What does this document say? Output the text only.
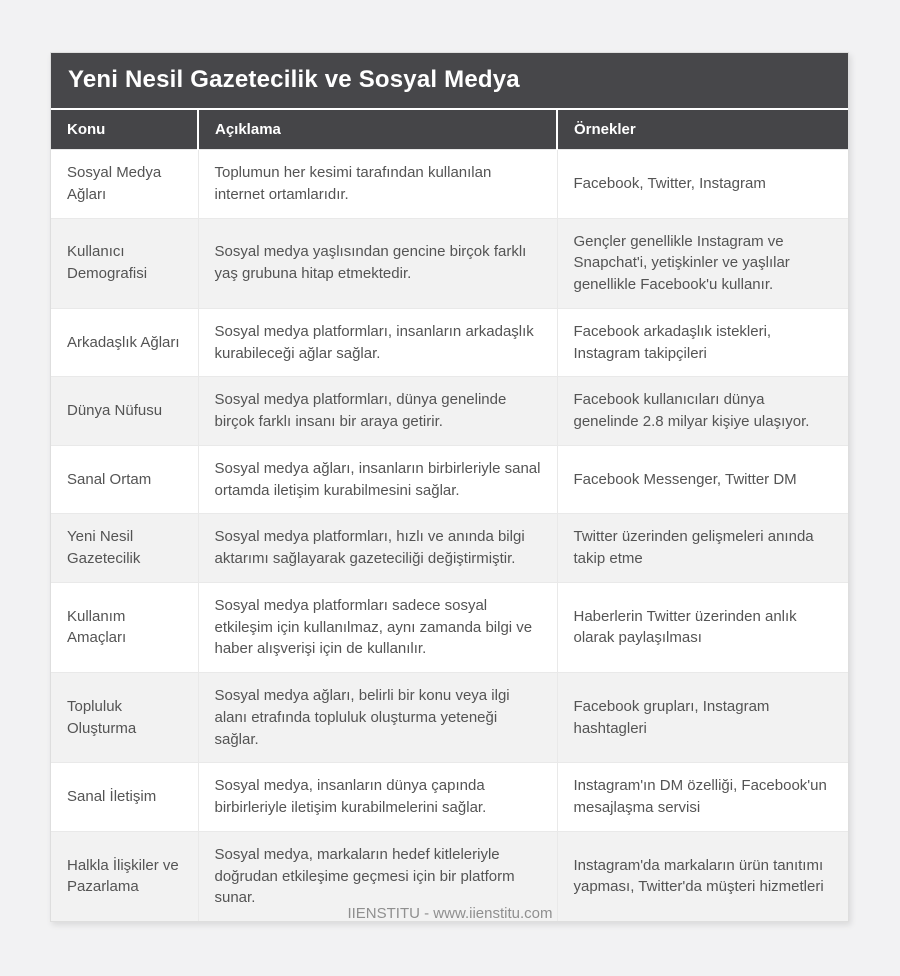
Yeni Nesil Gazetecilik ve Sosyal Medya
Konu	Açıklama	Örnekler
Sosyal Medya Ağları	Toplumun her kesimi tarafından kullanılan internet ortamlarıdır.	Facebook, Twitter, Instagram
Kullanıcı Demografisi	Sosyal medya yaşlısından gencine birçok farklı yaş grubuna hitap etmektedir.	Gençler genellikle Instagram ve Snapchat'i, yetişkinler ve yaşlılar genellikle Facebook'u kullanır.
Arkadaşlık Ağları	Sosyal medya platformları, insanların arkadaşlık kurabileceği ağlar sağlar.	Facebook arkadaşlık istekleri, Instagram takipçileri
Dünya Nüfusu	Sosyal medya platformları, dünya genelinde birçok farklı insanı bir araya getirir.	Facebook kullanıcıları dünya genelinde 2.8 milyar kişiye ulaşıyor.
Sanal Ortam	Sosyal medya ağları, insanların birbirleriyle sanal ortamda iletişim kurabilmesini sağlar.	Facebook Messenger, Twitter DM
Yeni Nesil Gazetecilik	Sosyal medya platformları, hızlı ve anında bilgi aktarımı sağlayarak gazeteciliği değiştirmiştir.	Twitter üzerinden gelişmeleri anında takip etme
Kullanım Amaçları	Sosyal medya platformları sadece sosyal etkileşim için kullanılmaz, aynı zamanda bilgi ve haber alışverişi için de kullanılır.	Haberlerin Twitter üzerinden anlık olarak paylaşılması
Topluluk Oluşturma	Sosyal medya ağları, belirli bir konu veya ilgi alanı etrafında topluluk oluşturma yeteneği sağlar.	Facebook grupları, Instagram hashtagleri
Sanal İletişim	Sosyal medya, insanların dünya çapında birbirleriyle iletişim kurabilmelerini sağlar.	Instagram'ın DM özelliği, Facebook'un mesajlaşma servisi
Halkla İlişkiler ve Pazarlama	Sosyal medya, markaların hedef kitleleriyle doğrudan etkileşime geçmesi için bir platform sunar.	Instagram'da markaların ürün tanıtımı yapması, Twitter'da müşteri hizmetleri
IIENSTITU - www.iienstitu.com
